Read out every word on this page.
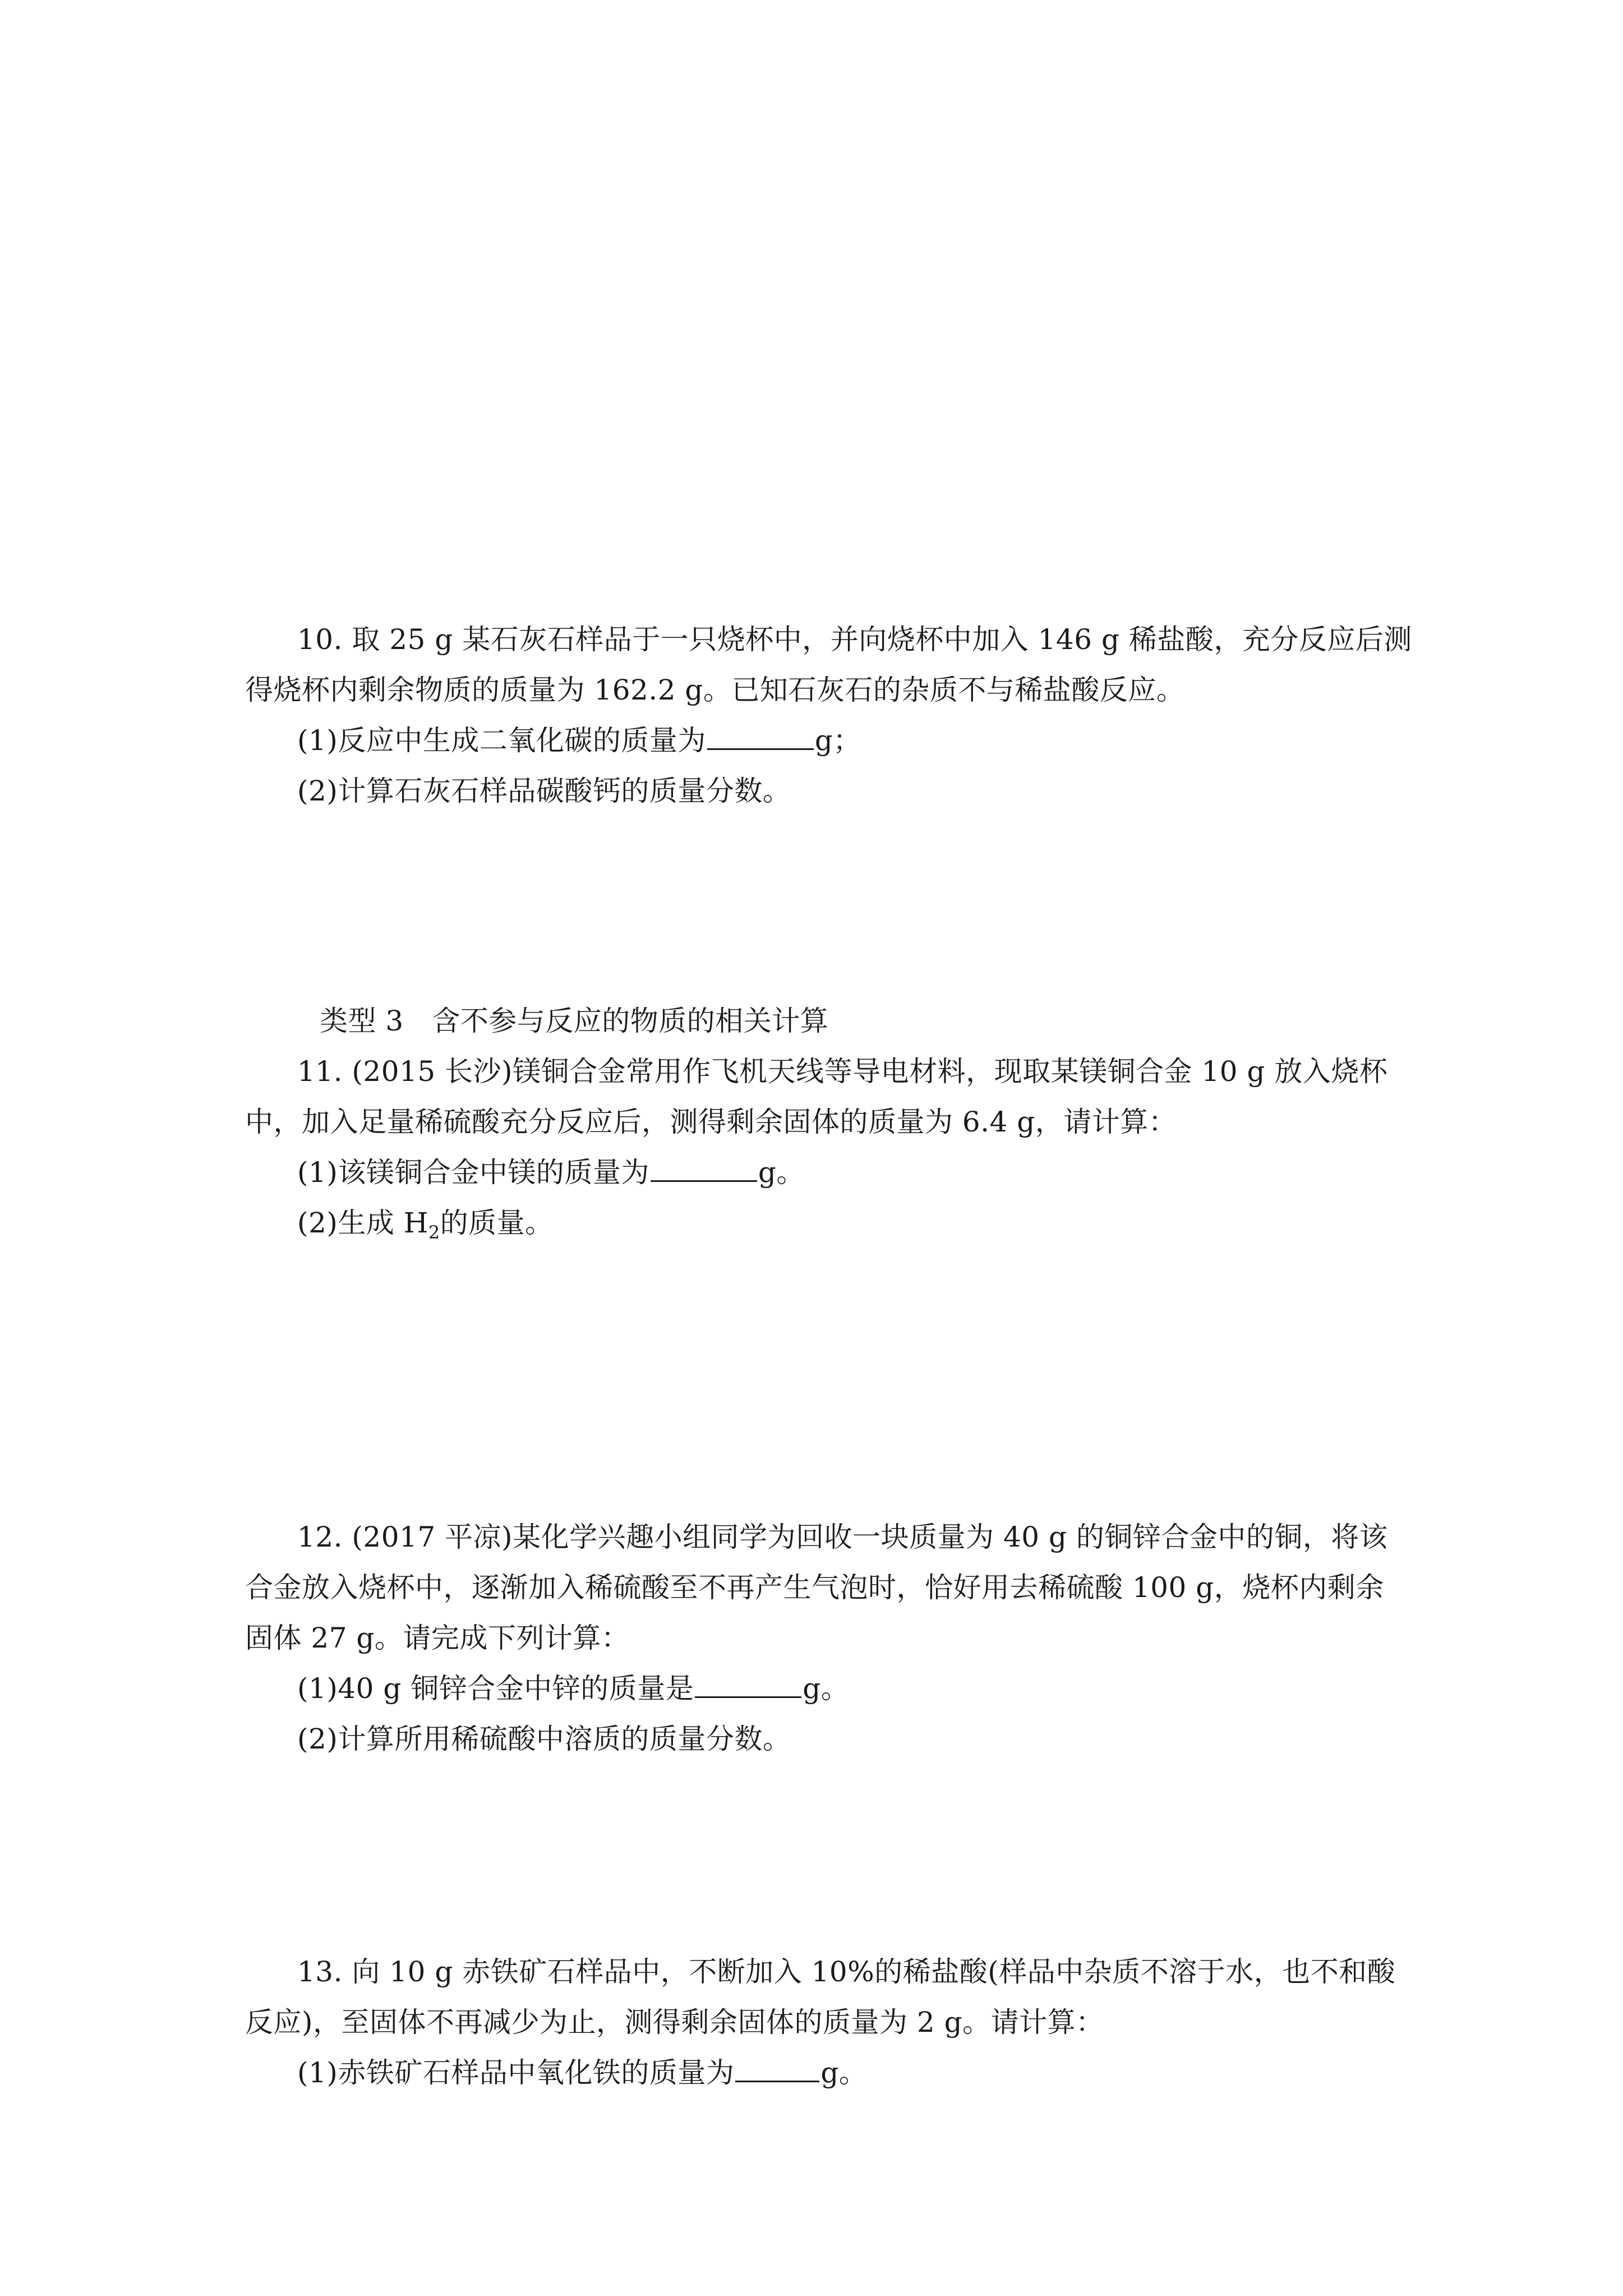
10. 取 25 g 某石灰石样品于一只烧杯中，并向烧杯中加入 146 g 稀盐酸，充分反应后测
得烧杯内剩余物质的质量为 162.2 g。已知石灰石的杂质不与稀盐酸反应。
(1)反应中生成二氧化碳的质量为	g；
(2)计算石灰石样品碳酸钙的质量分数。
类型 3　含不参与反应的物质的相关计算
11. (2015 长沙)镁铜合金常用作飞机天线等导电材料，现取某镁铜合金 10 g 放入烧杯
中，加入足量稀硫酸充分反应后，测得剩余固体的质量为 6.4 g，请计算：
(1)该镁铜合金中镁的质量为	g。
(2)生成 $H_2$的质量。
12. (2017 平凉)某化学兴趣小组同学为回收一块质量为 40 g 的铜锌合金中的铜，将该
合金放入烧杯中，逐渐加入稀硫酸至不再产生气泡时，恰好用去稀硫酸 100 g，烧杯内剩余
固体 27 g。请完成下列计算：
(1)40 g 铜锌合金中锌的质量是	g。
(2)计算所用稀硫酸中溶质的质量分数。
13. 向 10 g 赤铁矿石样品中，不断加入 10%的稀盐酸(样品中杂质不溶于水，也不和酸
反应)，至固体不再减少为止，测得剩余固体的质量为 2 g。请计算：
(1)赤铁矿石样品中氧化铁的质量为	g。
